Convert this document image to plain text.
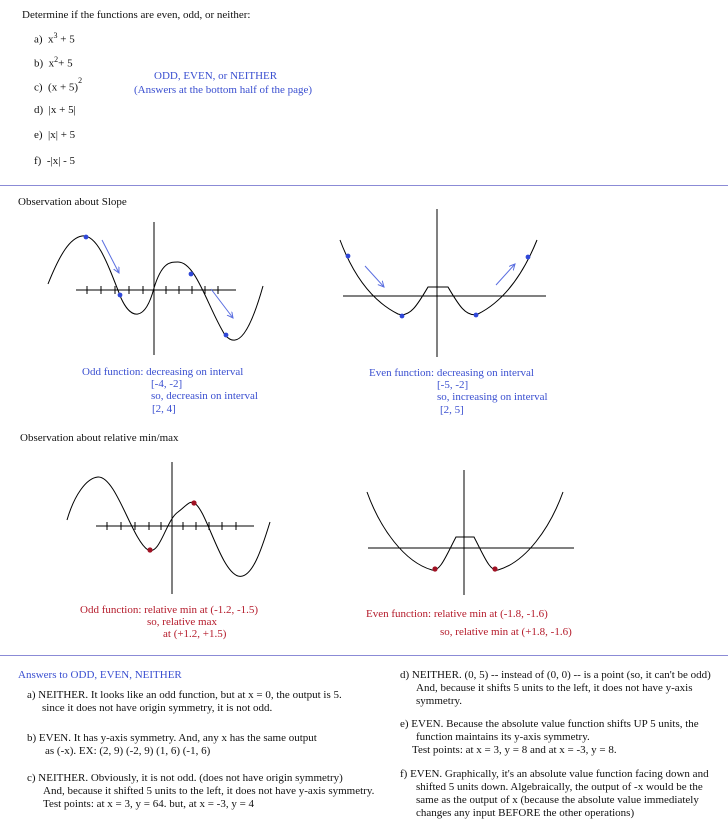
Determine if the functions are even, odd, or neither:
a) $x^3 + 5$
b) $x^2+ 5$
c) $(x + 5)^2$
d) |x + 5|
e) |x| + 5
f) -|x| - 5
ODD, EVEN, or NEITHER
(Answers at the bottom half of the page)
Observation about Slope
Odd function: decreasing on interval
[-4, -2]
so, decreasin on interval
[2, 4]
Even function: decreasing on interval
[-5, -2]
so, increasing on interval
[2, 5]
Observation about relative min/max
Odd function: relative min at (-1.2, -1.5)
so, relative max
at (+1.2, +1.5)
Even function: relative min at (-1.8, -1.6)
so, relative min at (+1.8, -1.6)
Answers to ODD, EVEN, NEITHER
a) NEITHER. It looks like an odd function, but at x = 0, the output is 5.
since it does not have origin symmetry, it is not odd.
b) EVEN. It has y-axis symmetry. And, any x has the same output
as (-x). EX: (2, 9) (-2, 9) (1, 6) (-1, 6)
c) NEITHER. Obviously, it is not odd. (does not have origin symmetry)
And, because it shifted 5 units to the left, it does not have y-axis symmetry.
Test points: at x = 3, y = 64. but, at x = -3, y = 4
d) NEITHER. (0, 5) -- instead of (0, 0) -- is a point (so, it can't be odd)
And, because it shifts 5 units to the left, it does not have y-axis
symmetry.
e) EVEN. Because the absolute value function shifts UP 5 units, the
function maintains its y-axis symmetry.
Test points: at x = 3, y = 8 and at x = -3, y = 8.
f) EVEN. Graphically, it's an absolute value function facing down and
shifted 5 units down. Algebraically, the output of -x would be the
same as the output of x (because the absolute value immediately
changes any input BEFORE the other operations)
